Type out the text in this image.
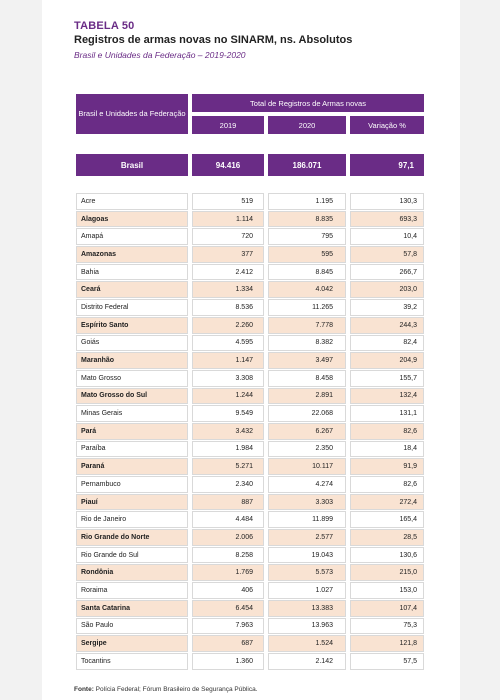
TABELA 50
Registros de armas novas no SINARM, ns. Absolutos
Brasil e Unidades da Federação – 2019-2020
Brasil e Unidades da Federação
Total de Registros de Armas novas
2019	2020	Variação %
Brasil	94.416	186.071	97,1
Acre	519	1.195	130,3
Alagoas	1.114	8.835	693,3
Amapá	720	795	10,4
Amazonas	377	595	57,8
Bahia	2.412	8.845	266,7
Ceará	1.334	4.042	203,0
Distrito Federal	8.536	11.265	39,2
Espírito Santo	2.260	7.778	244,3
Goiás	4.595	8.382	82,4
Maranhão	1.147	3.497	204,9
Mato Grosso	3.308	8.458	155,7
Mato Grosso do Sul	1.244	2.891	132,4
Minas Gerais	9.549	22.068	131,1
Pará	3.432	6.267	82,6
Paraíba	1.984	2.350	18,4
Paraná	5.271	10.117	91,9
Pernambuco	2.340	4.274	82,6
Piauí	887	3.303	272,4
Rio de Janeiro	4.484	11.899	165,4
Rio Grande do Norte	2.006	2.577	28,5
Rio Grande do Sul	8.258	19.043	130,6
Rondônia	1.769	5.573	215,0
Roraima	406	1.027	153,0
Santa Catarina	6.454	13.383	107,4
São Paulo	7.963	13.963	75,3
Sergipe	687	1.524	121,8
Tocantins	1.360	2.142	57,5
Fonte: Polícia Federal; Fórum Brasileiro de Segurança Pública.
